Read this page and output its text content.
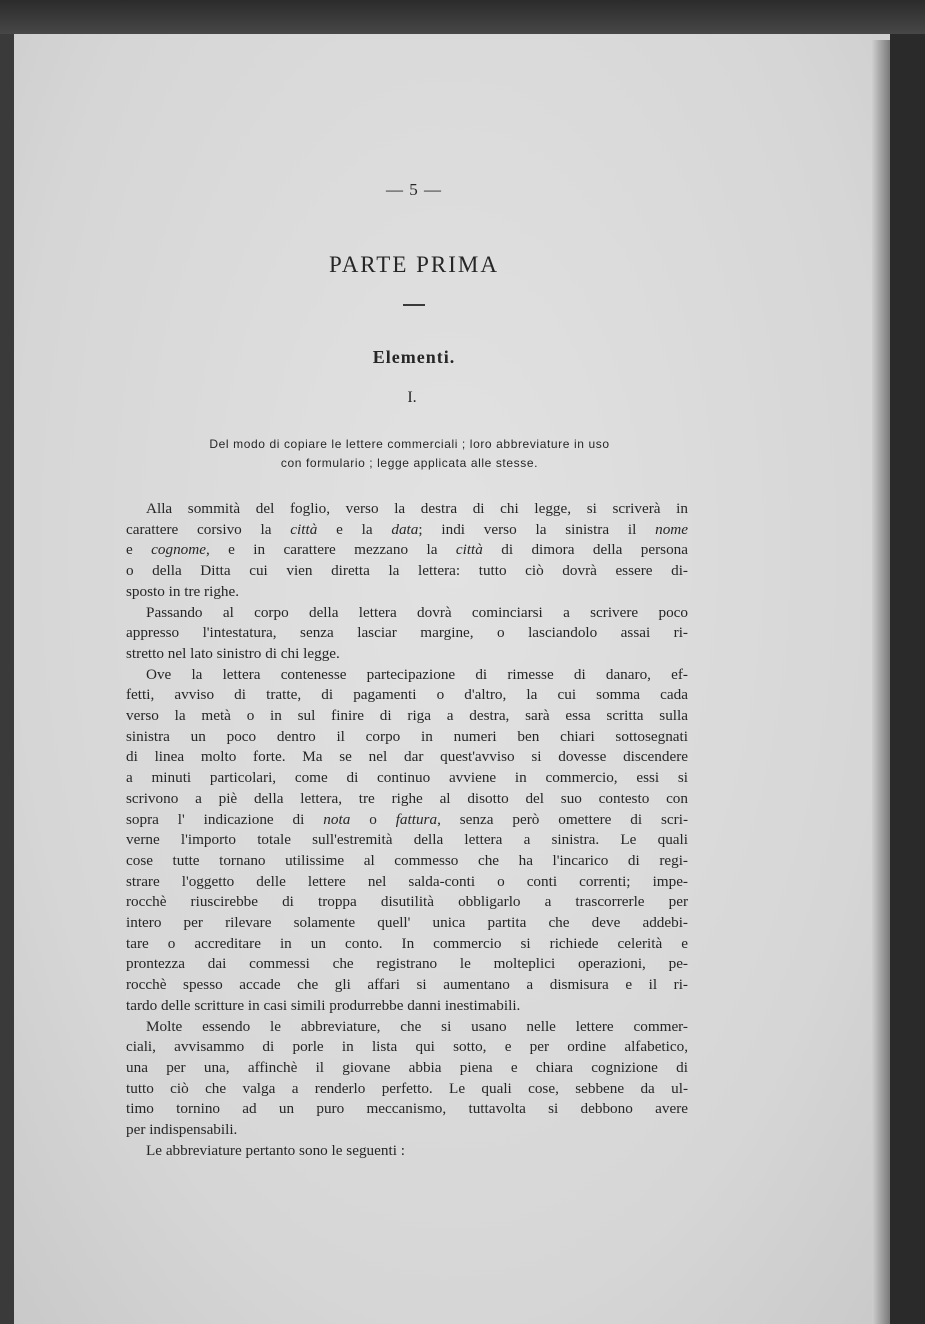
— 5 —
PARTE PRIMA
Elementi.
I.
Del modo di copiare le lettere commerciali ; loro abbreviature in uso
con formulario ; legge applicata alle stesse.
Alla sommità del foglio, verso la destra di chi legge, si scriverà in
carattere corsivo la città e la data; indi verso la sinistra il nome
e cognome, e in carattere mezzano la città di dimora della persona
o della Ditta cui vien diretta la lettera: tutto ciò dovrà essere di-
sposto in tre righe.
Passando al corpo della lettera dovrà cominciarsi a scrivere poco
appresso l'intestatura, senza lasciar margine, o lasciandolo assai ri-
stretto nel lato sinistro di chi legge.
Ove la lettera contenesse partecipazione di rimesse di danaro, ef-
fetti, avviso di tratte, di pagamenti o d'altro, la cui somma cada
verso la metà o in sul finire di riga a destra, sarà essa scritta sulla
sinistra un poco dentro il corpo in numeri ben chiari sottosegnati
di linea molto forte. Ma se nel dar quest'avviso si dovesse discendere
a minuti particolari, come di continuo avviene in commercio, essi si
scrivono a piè della lettera, tre righe al disotto del suo contesto con
sopra l' indicazione di nota o fattura, senza però omettere di scri-
verne l'importo totale sull'estremità della lettera a sinistra. Le quali
cose tutte tornano utilissime al commesso che ha l'incarico di regi-
strare l'oggetto delle lettere nel salda-conti o conti correnti; impe-
rocchè riuscirebbe di troppa disutilità obbligarlo a trascorrerle per
intero per rilevare solamente quell' unica partita che deve addebi-
tare o accreditare in un conto. In commercio si richiede celerità e
prontezza dai commessi che registrano le molteplici operazioni, pe-
rocchè spesso accade che gli affari si aumentano a dismisura e il ri-
tardo delle scritture in casi simili produrrebbe danni inestimabili.
Molte essendo le abbreviature, che si usano nelle lettere commer-
ciali, avvisammo di porle in lista qui sotto, e per ordine alfabetico,
una per una, affinchè il giovane abbia piena e chiara cognizione di
tutto ciò che valga a renderlo perfetto. Le quali cose, sebbene da ul-
timo tornino ad un puro meccanismo, tuttavolta si debbono avere
per indispensabili.
Le abbreviature pertanto sono le seguenti :
